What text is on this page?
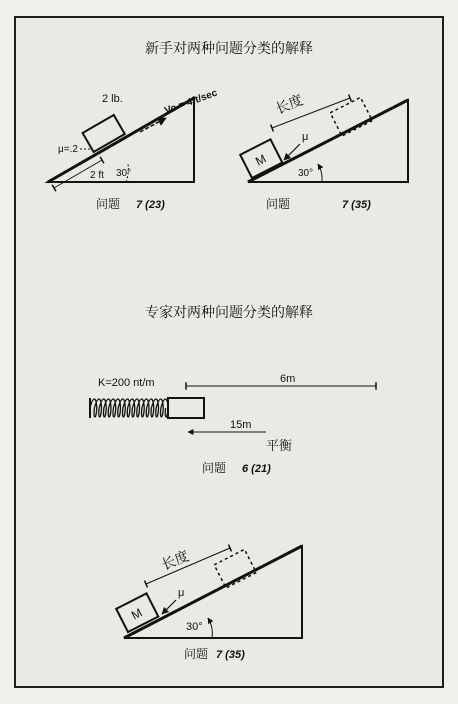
新手对两种问题分类的解释
专家对两种问题分类的解释
2 lb.	Vo = 4ft/sec
μ=.2
2 ft 30°
问题 7 (23)
M
长度
μ
30°
问题	7 (35)
K=200 nt/m	6m
15m
平衡
问题 6 (21)
M
长度
μ
30°
问题 7 (35)
